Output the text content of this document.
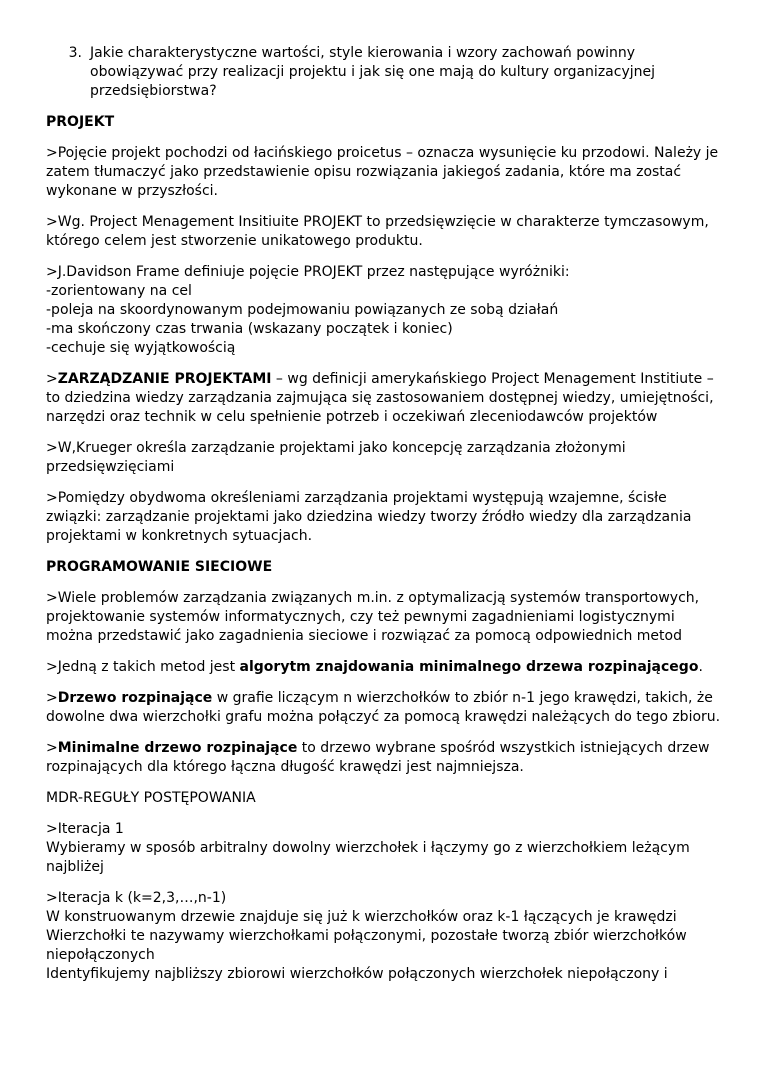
3. Jakie charakterystyczne wartości, style kierowania i wzory zachowań powinny obowiązywać przy realizacji projektu i jak się one mają do kultury organizacyjnej przedsiębiorstwa?

PROJEKT

>Pojęcie projekt pochodzi od łacińskiego proicetus – oznacza wysunięcie ku przodowi. Należy je zatem tłumaczyć jako przedstawienie opisu rozwiązania jakiegoś zadania, które ma zostać wykonane w przyszłości.

>Wg. Project Menagement Insitiuite PROJEKT to przedsięwzięcie w charakterze tymczasowym, którego celem jest stworzenie unikatowego produktu.

>J.Davidson Frame definiuje pojęcie PROJEKT przez następujące wyróżniki:
-zorientowany na cel
-poleja na skoordynowanym podejmowaniu powiązanych ze sobą działań
-ma skończony czas trwania (wskazany początek i koniec)
-cechuje się wyjątkowością

>ZARZĄDZANIE PROJEKTAMI – wg definicji amerykańskiego Project Menagement Institiute – to dziedzina wiedzy zarządzania zajmująca się zastosowaniem dostępnej wiedzy, umiejętności, narzędzi oraz technik w celu spełnienie potrzeb i oczekiwań zleceniodawców projektów

>W,Krueger określa zarządzanie projektami jako koncepcję zarządzania złożonymi przedsięwzięciami

>Pomiędzy obydwoma określeniami zarządzania projektami występują wzajemne, ścisłe związki: zarządzanie projektami jako dziedzina wiedzy tworzy źródło wiedzy dla zarządzania projektami w konkretnych sytuacjach.

PROGRAMOWANIE SIECIOWE

>Wiele problemów zarządzania związanych m.in. z optymalizacją systemów transportowych, projektowanie systemów informatycznych, czy też pewnymi zagadnieniami logistycznymi można przedstawić jako zagadnienia sieciowe i rozwiązać za pomocą odpowiednich metod

>Jedną z takich metod jest algorytm znajdowania minimalnego drzewa rozpinającego.

>Drzewo rozpinające w grafie liczącym n wierzchołków to zbiór n-1 jego krawędzi, takich, że dowolne dwa wierzchołki grafu można połączyć za pomocą krawędzi należących do tego zbioru.

>Minimalne drzewo rozpinające to drzewo wybrane spośród wszystkich istniejących drzew rozpinających dla którego łączna długość krawędzi jest najmniejsza.

MDR-REGUŁY POSTĘPOWANIA

>Iteracja 1
Wybieramy w sposób arbitralny dowolny wierzchołek i łączymy go z wierzchołkiem leżącym najbliżej

>Iteracja k (k=2,3,…,n-1)
W konstruowanym drzewie znajduje się już k wierzchołków oraz k-1 łączących je krawędzi
Wierzchołki te nazywamy wierzchołkami połączonymi, pozostałe tworzą zbiór wierzchołków niepołączonych
Identyfikujemy najbliższy zbiorowi wierzchołków połączonych wierzchołek niepołączony i
